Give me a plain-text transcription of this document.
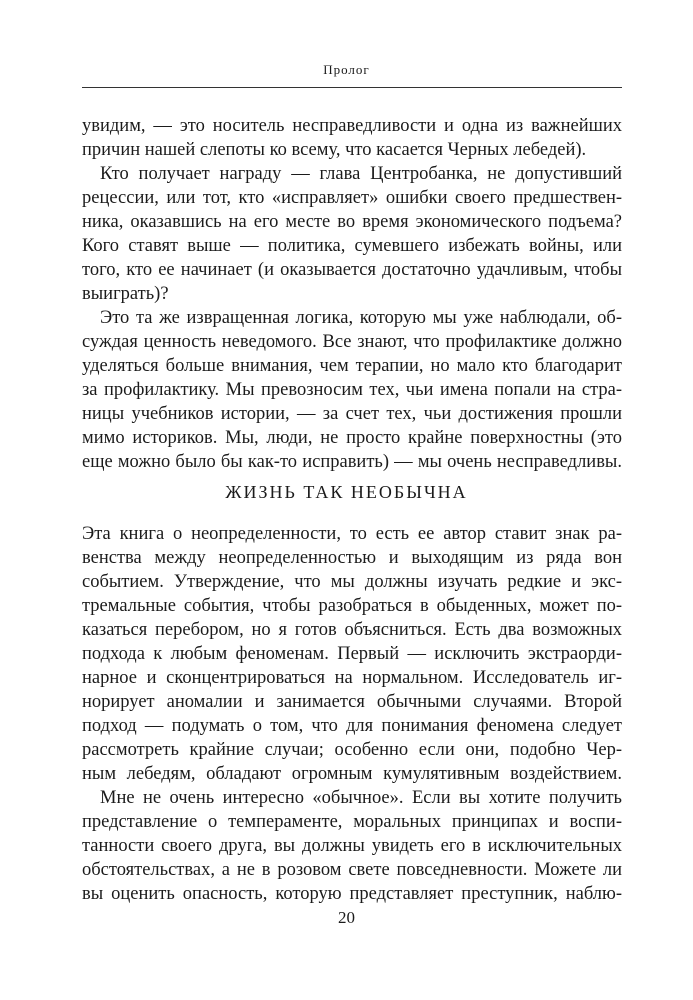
Пролог

увидим, — это носитель несправедливости и одна из важнейших
причин нашей слепоты ко всему, что касается Черных лебедей).

Кто получает награду — глава Центробанка, не допустивший
рецессии, или тот, кто «исправляет» ошибки своего предшествен-
ника, оказавшись на его месте во время экономического подъема?
Кого ставят выше — политика, сумевшего избежать войны, или
того, кто ее начинает (и оказывается достаточно удачливым, чтобы
выиграть)?

Это та же извращенная логика, которую мы уже наблюдали, об-
суждая ценность неведомого. Все знают, что профилактике должно
уделяться больше внимания, чем терапии, но мало кто благодарит
за профилактику. Мы превозносим тех, чьи имена попали на стра-
ницы учебников истории, — за счет тех, чьи достижения прошли
мимо историков. Мы, люди, не просто крайне поверхностны (это
еще можно было бы как-то исправить) — мы очень несправедливы.

ЖИЗНЬ ТАК НЕОБЫЧНА

Эта книга о неопределенности, то есть ее автор ставит знак ра-
венства между неопределенностью и выходящим из ряда вон
событием. Утверждение, что мы должны изучать редкие и экс-
тремальные события, чтобы разобраться в обыденных, может по-
казаться перебором, но я готов объясниться. Есть два возможных
подхода к любым феноменам. Первый — исключить экстраорди-
нарное и сконцентрироваться на нормальном. Исследователь иг-
норирует аномалии и занимается обычными случаями. Второй
подход — подумать о том, что для понимания феномена следует
рассмотреть крайние случаи; особенно если они, подобно Чер-
ным лебедям, обладают огромным кумулятивным воздействием.

Мне не очень интересно «обычное». Если вы хотите получить
представление о темпераменте, моральных принципах и воспи-
танности своего друга, вы должны увидеть его в исключительных
обстоятельствах, а не в розовом свете повседневности. Можете ли
вы оценить опасность, которую представляет преступник, наблю-

20
